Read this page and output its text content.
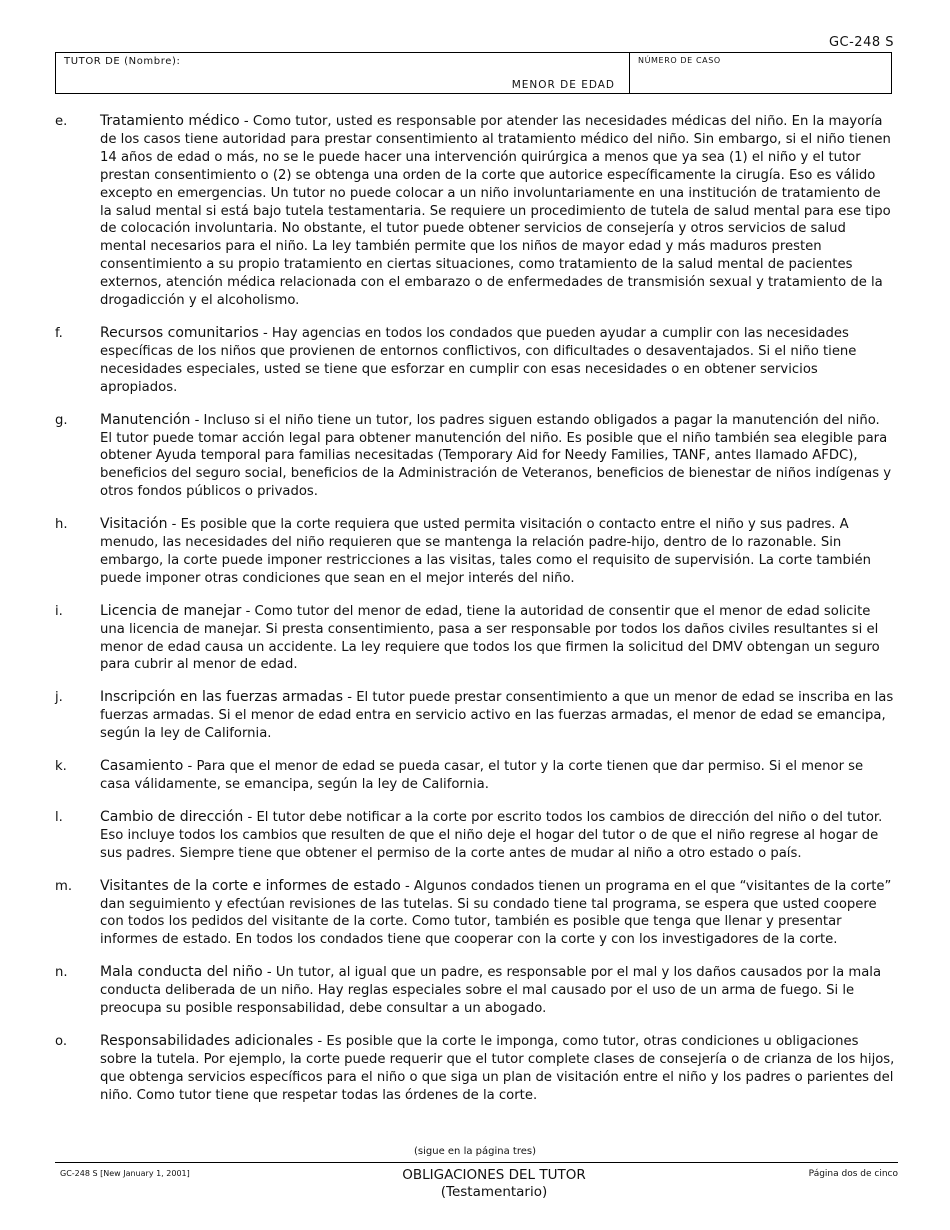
GC-248 S
TUTOR DE (Nombre):
MENOR DE EDAD
NÚMERO DE CASO
e. Tratamiento médico - Como tutor, usted es responsable por atender las necesidades médicas del niño. En la mayoría de los casos tiene autoridad para prestar consentimiento al tratamiento médico del niño. Sin embargo, si el niño tienen 14 años de edad o más, no se le puede hacer una intervención quirúrgica a menos que ya sea (1) el niño y el tutor prestan consentimiento o (2) se obtenga una orden de la corte que autorice específicamente la cirugía. Eso es válido excepto en emergencias. Un tutor no puede colocar a un niño involuntariamente en una institución de tratamiento de la salud mental si está bajo tutela testamentaria. Se requiere un procedimiento de tutela de salud mental para ese tipo de colocación involuntaria. No obstante, el tutor puede obtener servicios de consejería y otros servicios de salud mental necesarios para el niño. La ley también permite que los niños de mayor edad y más maduros presten consentimiento a su propio tratamiento en ciertas situaciones, como tratamiento de la salud mental de pacientes externos, atención médica relacionada con el embarazo o de enfermedades de transmisión sexual y tratamiento de la drogadicción y el alcoholismo.
f.	Recursos comunitarios - Hay agencias en todos los condados que pueden ayudar a cumplir con las necesidades específicas de los niños que provienen de entornos conflictivos, con dificultades o desaventajados. Si el niño tiene necesidades especiales, usted se tiene que esforzar en cumplir con esas necesidades o en obtener servicios apropiados.
g. Manutención - Incluso si el niño tiene un tutor, los padres siguen estando obligados a pagar la manutención del niño. El tutor puede tomar acción legal para obtener manutención del niño. Es posible que el niño también sea elegible para obtener Ayuda temporal para familias necesitadas (Temporary Aid for Needy Families, TANF, antes llamado AFDC), beneficios del seguro social, beneficios de la Administración de Veteranos, beneficios de bienestar de niños indígenas y otros fondos públicos o privados.
h. Visitación - Es posible que la corte requiera que usted permita visitación o contacto entre el niño y sus padres. A menudo, las necesidades del niño requieren que se mantenga la relación padre-hijo, dentro de lo razonable. Sin embargo, la corte puede imponer restricciones a las visitas, tales como el requisito de supervisión. La corte también puede imponer otras condiciones que sean en el mejor interés del niño.
i.	Licencia de manejar - Como tutor del menor de edad, tiene la autoridad de consentir que el menor de edad solicite una licencia de manejar. Si presta consentimiento, pasa a ser responsable por todos los daños civiles resultantes si el menor de edad causa un accidente. La ley requiere que todos los que firmen la solicitud del DMV obtengan un seguro para cubrir al menor de edad.
j.	Inscripción en las fuerzas armadas - El tutor puede prestar consentimiento a que un menor de edad se inscriba en las fuerzas armadas. Si el menor de edad entra en servicio activo en las fuerzas armadas, el menor de edad se emancipa, según la ley de California.
k. Casamiento - Para que el menor de edad se pueda casar, el tutor y la corte tienen que dar permiso. Si el menor se casa válidamente, se emancipa, según la ley de California.
l.	Cambio de dirección - El tutor debe notificar a la corte por escrito todos los cambios de dirección del niño o del tutor. Eso incluye todos los cambios que resulten de que el niño deje el hogar del tutor o de que el niño regrese al hogar de sus padres. Siempre tiene que obtener el permiso de la corte antes de mudar al niño a otro estado o país.
m. Visitantes de la corte e informes de estado - Algunos condados tienen un programa en el que “visitantes de la corte” dan seguimiento y efectúan revisiones de las tutelas. Si su condado tiene tal programa, se espera que usted coopere con todos los pedidos del visitante de la corte. Como tutor, también es posible que tenga que llenar y presentar informes de estado. En todos los condados tiene que cooperar con la corte y con los investigadores de la corte.
n. Mala conducta del niño - Un tutor, al igual que un padre, es responsable por el mal y los daños causados por la mala conducta deliberada de un niño. Hay reglas especiales sobre el mal causado por el uso de un arma de fuego. Si le preocupa su posible responsabilidad, debe consultar a un abogado.
o. Responsabilidades adicionales - Es posible que la corte le imponga, como tutor, otras condiciones u obligaciones sobre la tutela. Por ejemplo, la corte puede requerir que el tutor complete clases de consejería o de crianza de los hijos, que obtenga servicios específicos para el niño o que siga un plan de visitación entre el niño y los padres o parientes del niño. Como tutor tiene que respetar todas las órdenes de la corte.
(sigue en la página tres)
GC-248 S [New January 1, 2001]	OBLIGACIONES DEL TUTOR
(Testamentario)
Página dos de cinco
